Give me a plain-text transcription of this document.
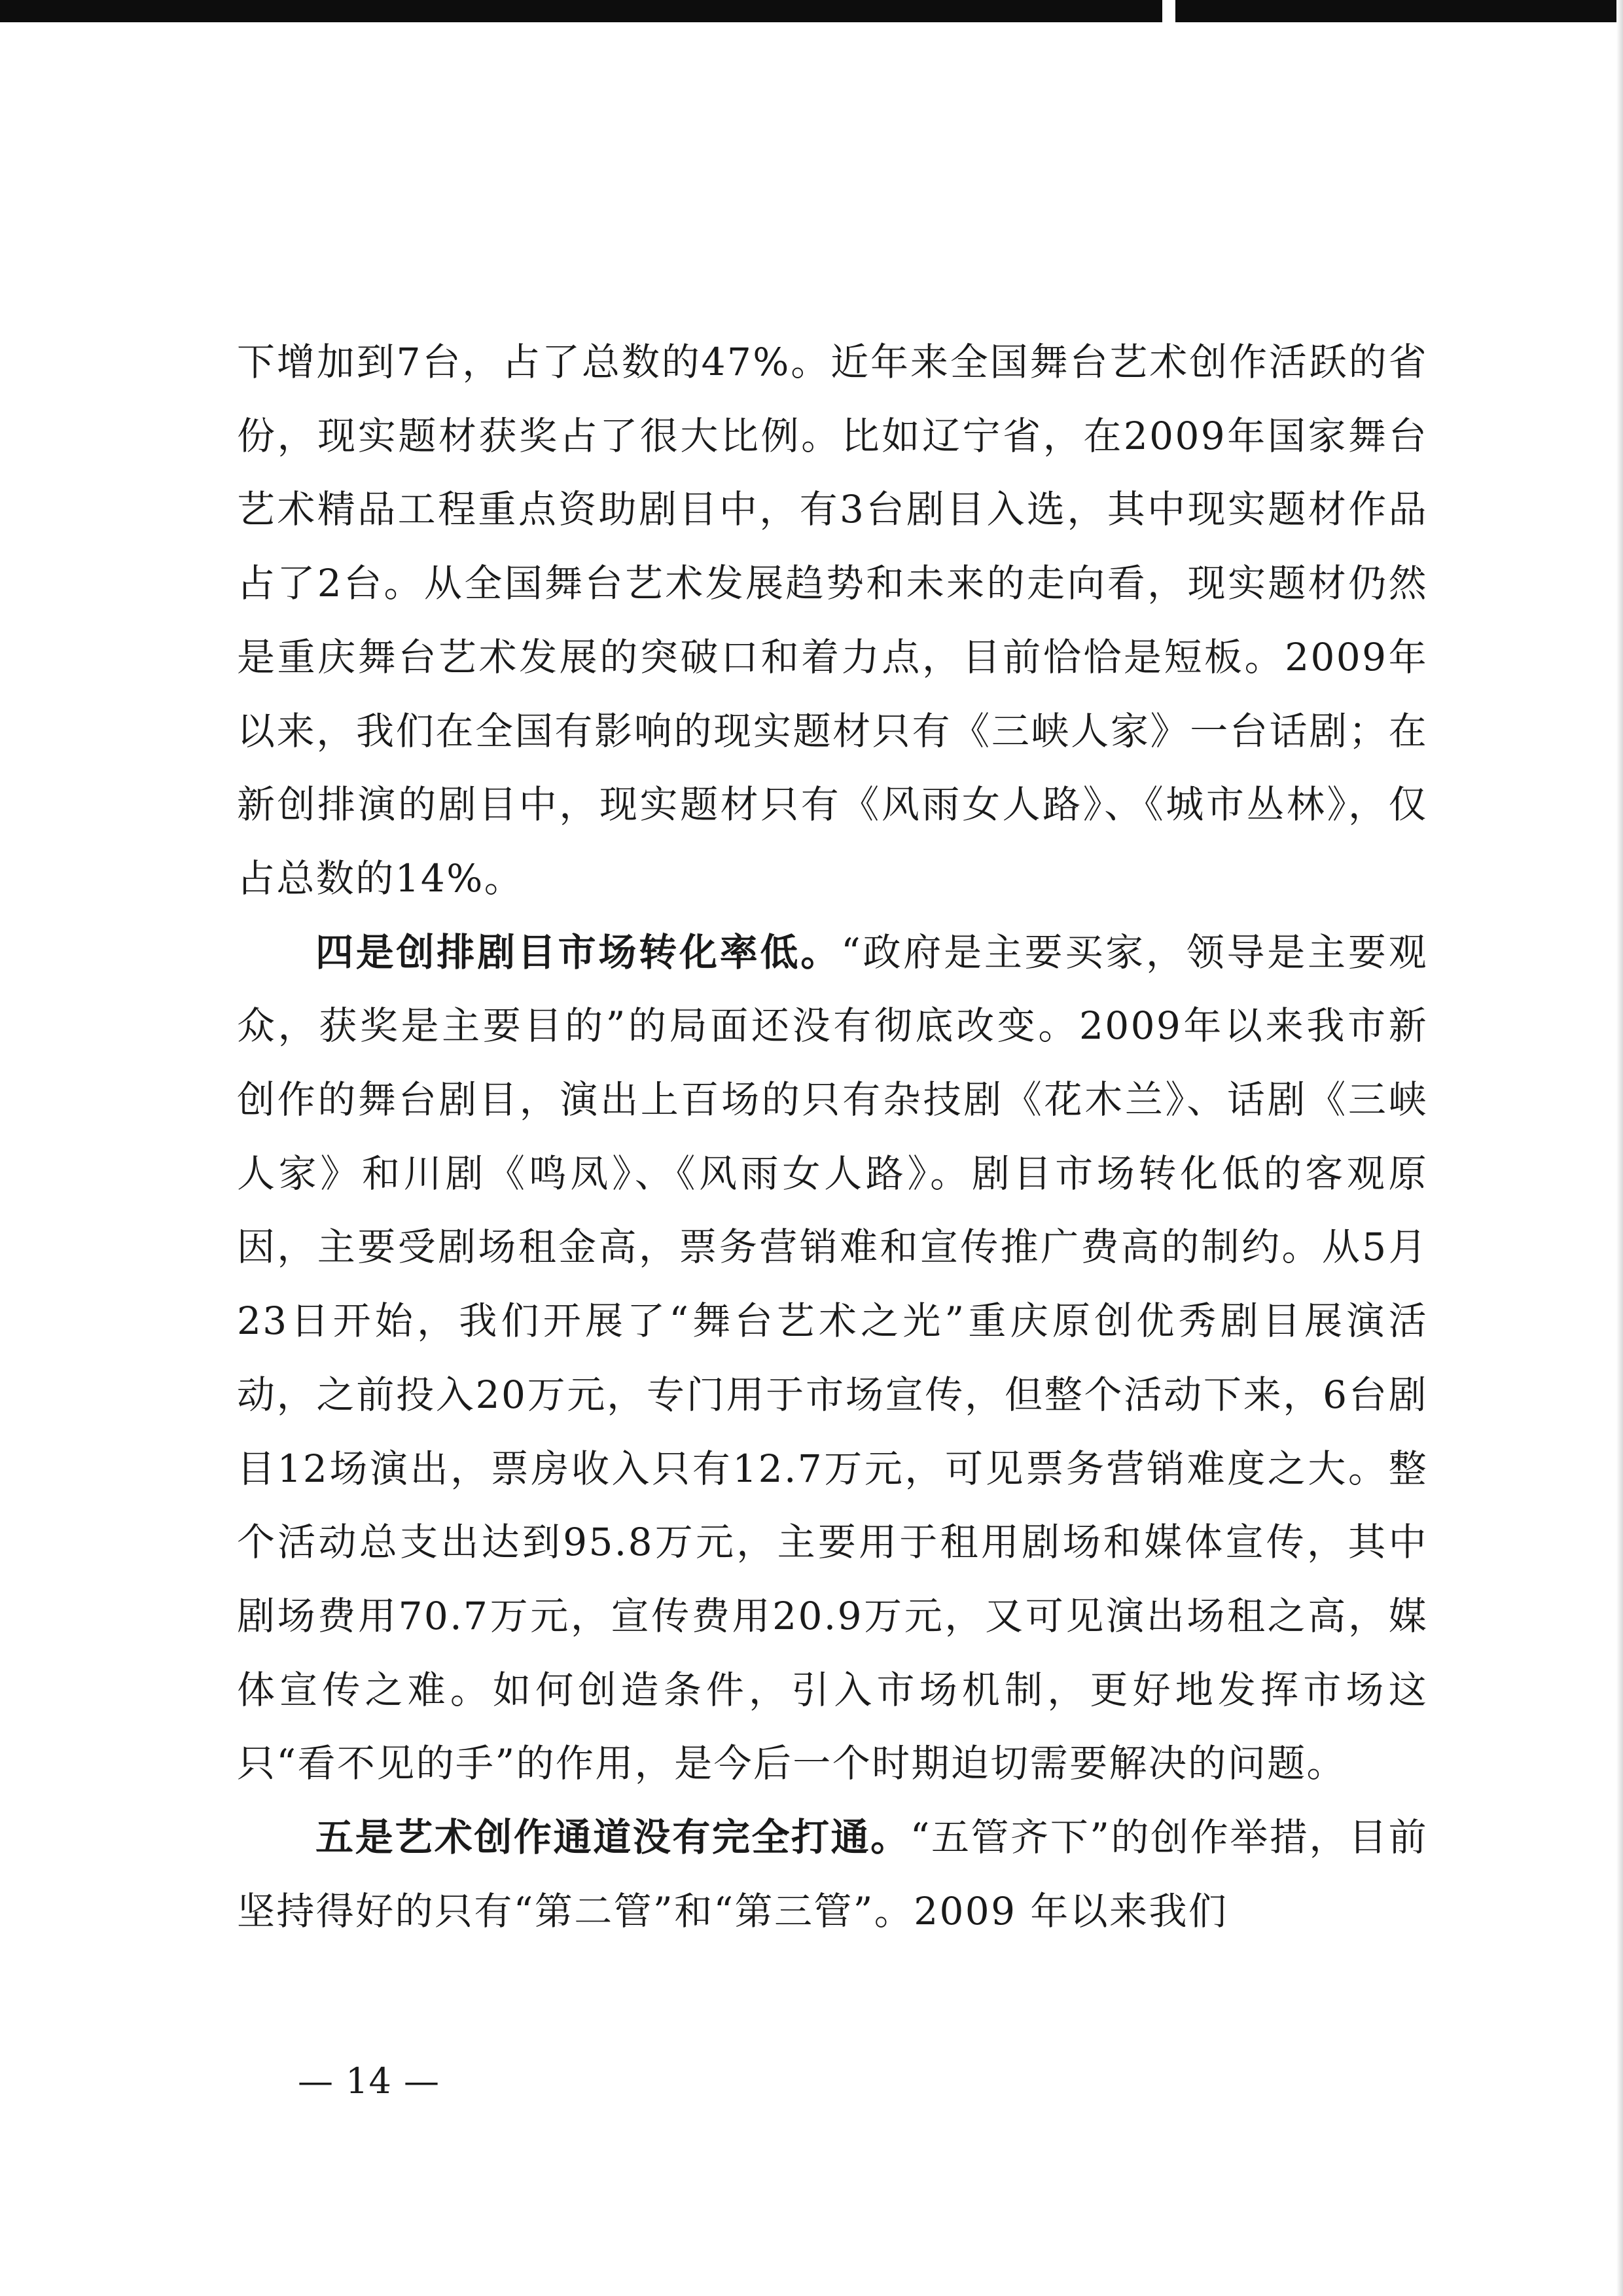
下增加到7台，占了总数的47%。近年来全国舞台艺术创作活跃的省份，现实题材获奖占了很大比例。比如辽宁省，在2009年国家舞台艺术精品工程重点资助剧目中，有3台剧目入选，其中现实题材作品占了2台。从全国舞台艺术发展趋势和未来的走向看，现实题材仍然是重庆舞台艺术发展的突破口和着力点，目前恰恰是短板。2009年以来，我们在全国有影响的现实题材只有《三峡人家》一台话剧；在新创排演的剧目中，现实题材只有《风雨女人路》、《城市丛林》，仅占总数的14%。

四是创排剧目市场转化率低。“政府是主要买家，领导是主要观众，获奖是主要目的”的局面还没有彻底改变。2009年以来我市新创作的舞台剧目，演出上百场的只有杂技剧《花木兰》、话剧《三峡人家》和川剧《鸣凤》、《风雨女人路》。剧目市场转化低的客观原因，主要受剧场租金高，票务营销难和宣传推广费高的制约。从5月23日开始，我们开展了“舞台艺术之光”重庆原创优秀剧目展演活动，之前投入20万元，专门用于市场宣传，但整个活动下来，6台剧目12场演出，票房收入只有12.7万元，可见票务营销难度之大。整个活动总支出达到95.8万元，主要用于租用剧场和媒体宣传，其中剧场费用70.7万元，宣传费用20.9万元，又可见演出场租之高，媒体宣传之难。如何创造条件，引入市场机制，更好地发挥市场这只“看不见的手”的作用，是今后一个时期迫切需要解决的问题。

五是艺术创作通道没有完全打通。“五管齐下”的创作举措，目前坚持得好的只有“第二管”和“第三管”。2009 年以来我们

— 14 —
